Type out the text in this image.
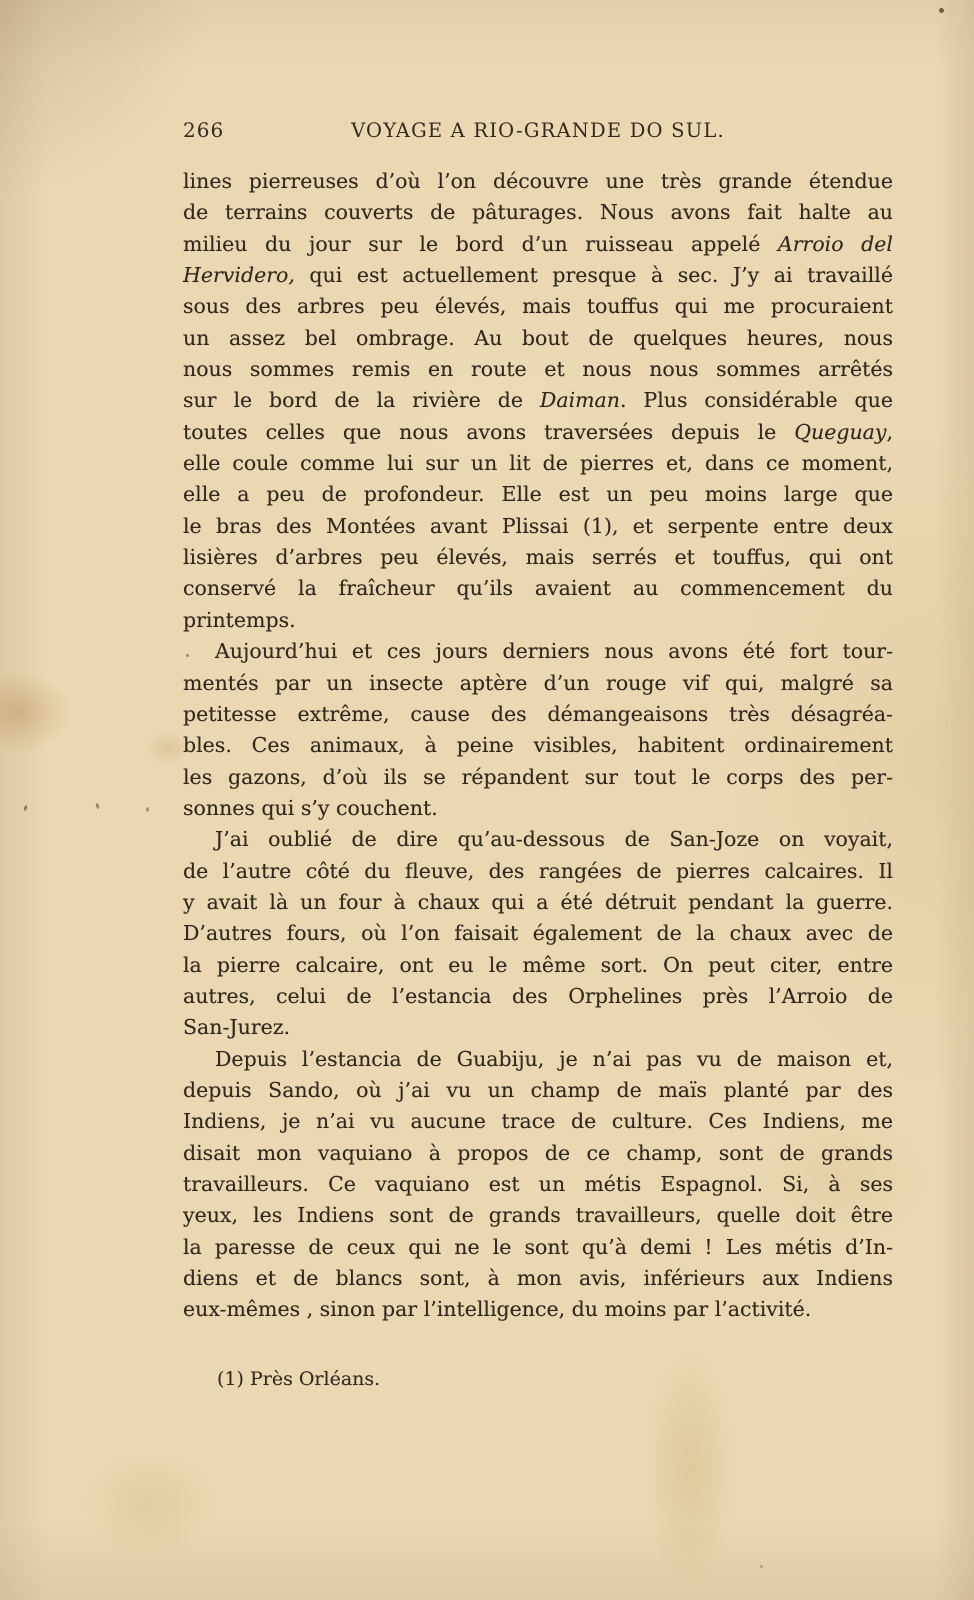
266	VOYAGE A RIO-GRANDE DO SUL.
lines pierreuses d’où l’on découvre une très grande étendue
de terrains couverts de pâturages. Nous avons fait halte au
milieu du jour sur le bord d’un ruisseau appelé Arroio del
Hervidero, qui est actuellement presque à sec. J’y ai travaillé
sous des arbres peu élevés, mais touffus qui me procuraient
un assez bel ombrage. Au bout de quelques heures, nous
nous sommes remis en route et nous nous sommes arrêtés
sur le bord de la rivière de Daiman. Plus considérable que
toutes celles que nous avons traversées depuis le Queguay,
elle coule comme lui sur un lit de pierres et, dans ce moment,
elle a peu de profondeur. Elle est un peu moins large que
le bras des Montées avant Plissai (1), et serpente entre deux
lisières d’arbres peu élevés, mais serrés et touffus, qui ont
conservé la fraîcheur qu’ils avaient au commencement du
printemps.
Aujourd’hui et ces jours derniers nous avons été fort tour-
mentés par un insecte aptère d’un rouge vif qui, malgré sa
petitesse extrême, cause des démangeaisons très désagréa-
bles. Ces animaux, à peine visibles, habitent ordinairement
les gazons, d’où ils se répandent sur tout le corps des per-
sonnes qui s’y couchent.
J’ai oublié de dire qu’au-dessous de San-Joze on voyait,
de l’autre côté du fleuve, des rangées de pierres calcaires. Il
y avait là un four à chaux qui a été détruit pendant la guerre.
D’autres fours, où l’on faisait également de la chaux avec de
la pierre calcaire, ont eu le même sort. On peut citer, entre
autres, celui de l’estancia des Orphelines près l’Arroio de
San-Jurez.
Depuis l’estancia de Guabiju, je n’ai pas vu de maison et,
depuis Sando, où j’ai vu un champ de maïs planté par des
Indiens, je n’ai vu aucune trace de culture. Ces Indiens, me
disait mon vaquiano à propos de ce champ, sont de grands
travailleurs. Ce vaquiano est un métis Espagnol. Si, à ses
yeux, les Indiens sont de grands travailleurs, quelle doit être
la paresse de ceux qui ne le sont qu’à demi ! Les métis d’In-
diens et de blancs sont, à mon avis, inférieurs aux Indiens
eux-mêmes , sinon par l’intelligence, du moins par l’activité.
(1) Près Orléans.
